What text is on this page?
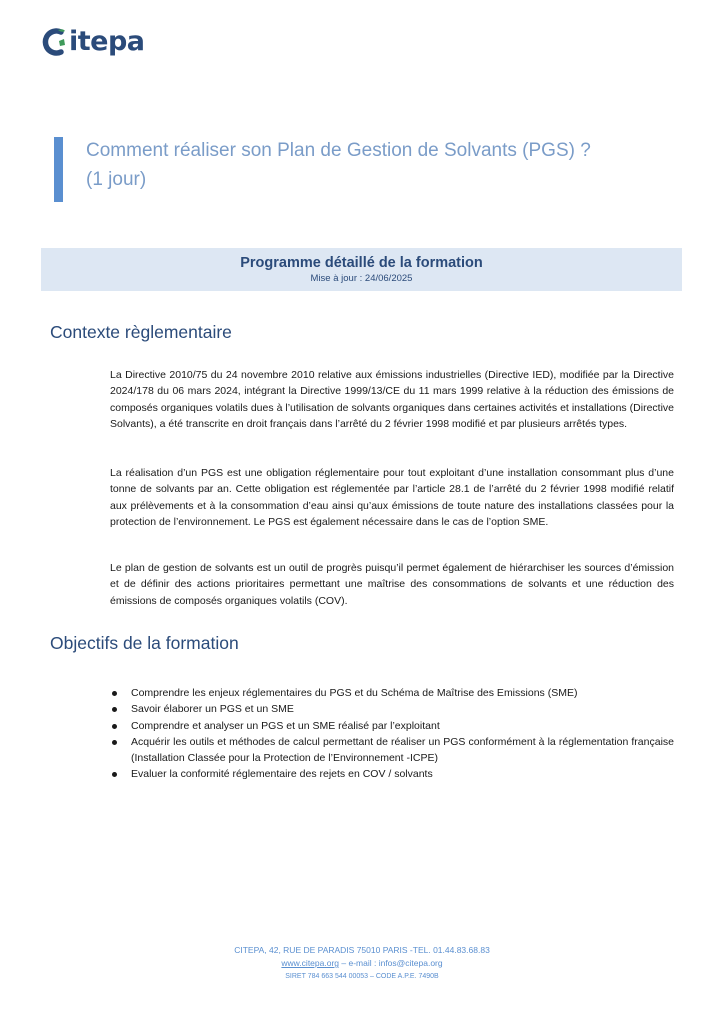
itepa
Comment réaliser son Plan de Gestion de Solvants (PGS) ?
(1 jour)
Programme détaillé de la formation
Mise à jour : 24/06/2025
Contexte règlementaire

La Directive 2010/75 du 24 novembre 2010 relative aux émissions industrielles (Directive IED), modifiée par la Directive 2024/178 du 06 mars 2024, intégrant la Directive 1999/13/CE du 11 mars 1999 relative à la réduction des émissions de composés organiques volatils dues à l’utilisation de solvants organiques dans certaines activités et installations (Directive Solvants), a été transcrite en droit français dans l’arrêté du 2 février 1998 modifié et par plusieurs arrêtés types.

La réalisation d’un PGS est une obligation réglementaire pour tout exploitant d’une installation consommant plus d’une tonne de solvants par an. Cette obligation est réglementée par l’article 28.1 de l’arrêté du 2 février 1998 modifié relatif aux prélèvements et à la consommation d’eau ainsi qu’aux émissions de toute nature des installations classées pour la protection de l’environnement. Le PGS est également nécessaire dans le cas de l’option SME.

Le plan de gestion de solvants est un outil de progrès puisqu’il permet également de hiérarchiser les sources d’émission et de définir des actions prioritaires permettant une maîtrise des consommations de solvants et une réduction des émissions de composés organiques volatils (COV).

Objectifs de la formation
Comprendre les enjeux réglementaires du PGS et du Schéma de Maîtrise des Emissions (SME)
Savoir élaborer un PGS et un SME
Comprendre et analyser un PGS et un SME réalisé par l’exploitant
Acquérir les outils et méthodes de calcul permettant de réaliser un PGS conformément à la réglementation française (Installation Classée pour la Protection de l’Environnement -ICPE)
Evaluer la conformité réglementaire des rejets en COV / solvants
CITEPA, 42, RUE DE PARADIS 75010 PARIS -TEL. 01.44.83.68.83
www.citepa.org – e-mail : infos@citepa.org
SIRET 784 663 544 00053 – CODE A.P.E. 7490B
